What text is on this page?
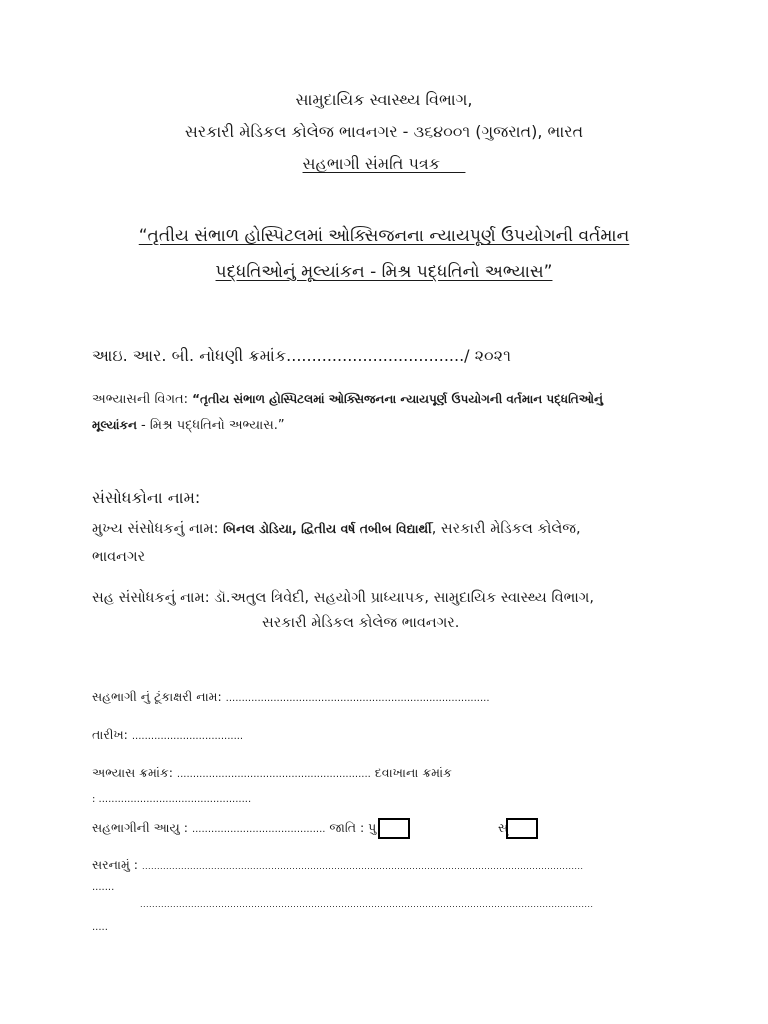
સામુદાયિક સ્વાસ્થ્ય વિભાગ,
સરકારી મેડિકલ કોલેજ ભાવનગર - ૩૬૪૦૦૧ (ગુજરાત), ભારત
સહભાગી સંમતિ પત્રક
“તૃતીય સંભાળ હોસ્પિટલમાં ઓક્સિજનના ન્યાયપૂર્ણ ઉપયોગની વર્તમાન
પદ્ધતિઓનું મૂલ્યાંકન - મિશ્ર પદ્ધતિનો અભ્યાસ”
આઇ. આર. બી. નોધણી ક્રમાંક.................................../ ૨૦૨૧
અભ્યાસની વિગત: “તૃતીય સંભાળ હોસ્પિટલમાં ઓક્સિજનના ન્યાયપૂર્ણ ઉપયોગની વર્તમાન પદ્ધતિઓનું
મૂલ્યાંકન - મિશ્ર પદ્ધતિનો અભ્યાસ.”
સંસોધકોના નામ:
મુખ્ય સંસોધકનું નામ: બિનલ ડોડિયા, દ્વિતીય વર્ષ તબીબ વિદ્યાર્થી, સરકારી મેડિકલ કોલેજ,
ભાવનગર
સહ સંસોધકનું નામ: ડૉ.અતુલ ત્રિવેદી, સહયોગી પ્રાધ્યાપક, સામુદાયિક સ્વાસ્થ્ય વિભાગ,
સરકારી મેડિકલ કોલેજ ભાવનગર.
સહભાગી નું ટૂંકાક્ષરી નામ: ...................................................................................
તારીખ: ...................................
અભ્યાસ ક્રમાંક: ............................................................. દવાખાના ક્રમાંક
: ................................................
સહભાગીની આયુ : .......................................... જાતિ : પુ	સ્
સરનામું : ...................................................................................................................................................
.......
.......................................................................................................................................................
.....
